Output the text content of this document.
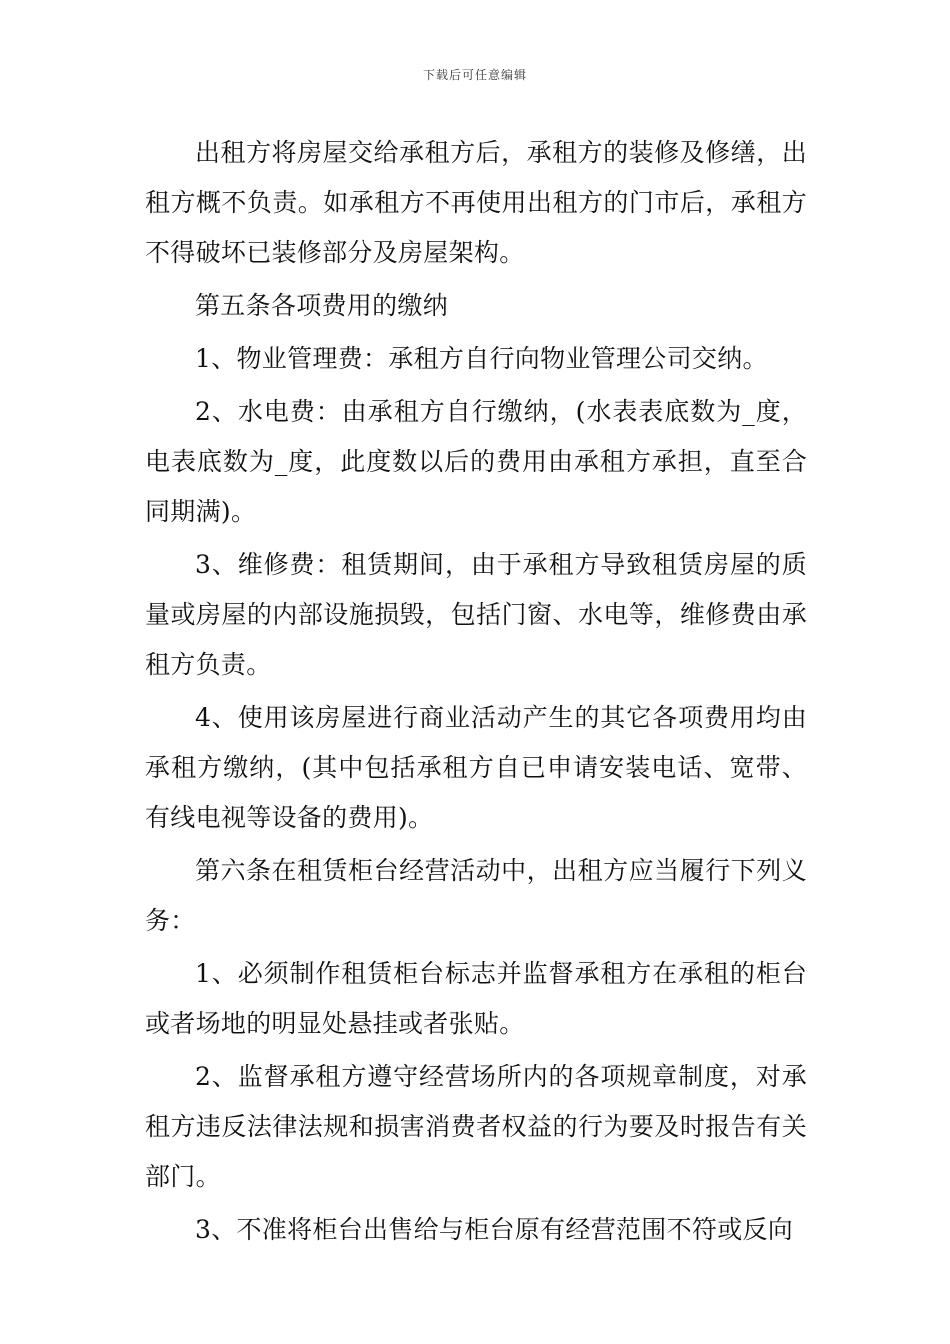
下载后可任意编辑

出租方将房屋交给承租方后，承租方的装修及修缮，出租方概不负责。如承租方不再使用出租方的门市后，承租方不得破坏已装修部分及房屋架构。

第五条各项费用的缴纳

1、物业管理费：承租方自行向物业管理公司交纳。

2、水电费：由承租方自行缴纳，(水表表底数为_度，电表底数为_度，此度数以后的费用由承租方承担，直至合同期满)。

3、维修费：租赁期间，由于承租方导致租赁房屋的质量或房屋的内部设施损毁，包括门窗、水电等，维修费由承租方负责。

4、使用该房屋进行商业活动产生的其它各项费用均由承租方缴纳，(其中包括承租方自已申请安装电话、宽带、有线电视等设备的费用)。

第六条在租赁柜台经营活动中，出租方应当履行下列义务：

1、必须制作租赁柜台标志并监督承租方在承租的柜台或者场地的明显处悬挂或者张贴。

2、监督承租方遵守经营场所内的各项规章制度，对承租方违反法律法规和损害消费者权益的行为要及时报告有关部门。

3、不准将柜台出售给与柜台原有经营范围不符或反向
